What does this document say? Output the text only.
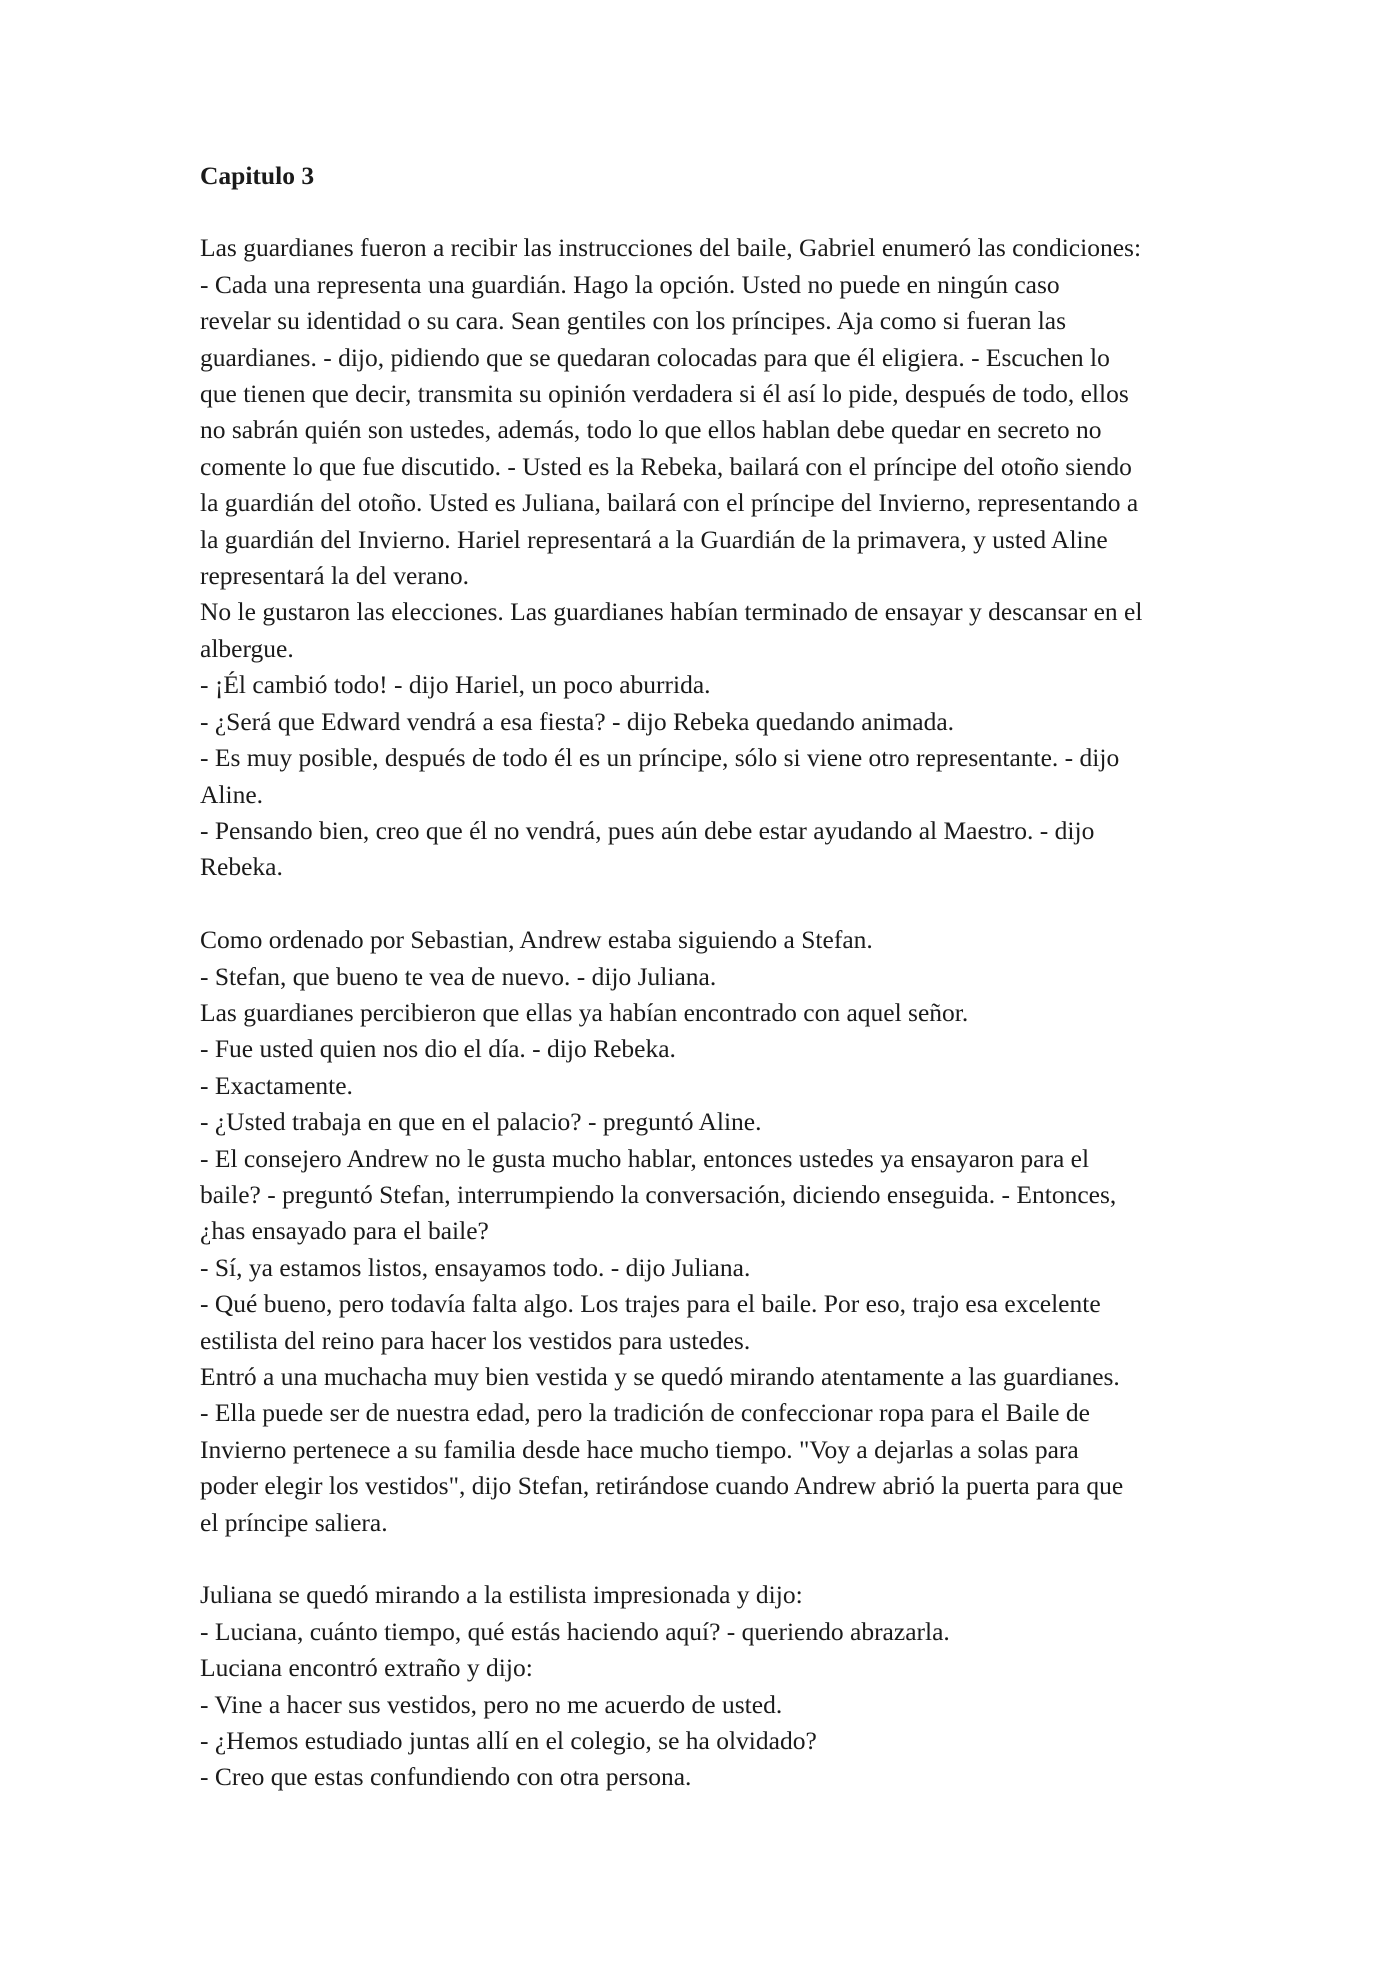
Capitulo 3
Las guardianes fueron a recibir las instrucciones del baile, Gabriel enumeró las condiciones:
- Cada una representa una guardián. Hago la opción. Usted no puede en ningún caso
revelar su identidad o su cara. Sean gentiles con los príncipes. Aja como si fueran las
guardianes. - dijo, pidiendo que se quedaran colocadas para que él eligiera. - Escuchen lo
que tienen que decir, transmita su opinión verdadera si él así lo pide, después de todo, ellos
no sabrán quién son ustedes, además, todo lo que ellos hablan debe quedar en secreto no
comente lo que fue discutido. - Usted es la Rebeka, bailará con el príncipe del otoño siendo
la guardián del otoño. Usted es Juliana, bailará con el príncipe del Invierno, representando a
la guardián del Invierno. Hariel representará a la Guardián de la primavera, y usted Aline
representará la del verano.
No le gustaron las elecciones. Las guardianes habían terminado de ensayar y descansar en el
albergue.
- ¡Él cambió todo! - dijo Hariel, un poco aburrida.
- ¿Será que Edward vendrá a esa fiesta? - dijo Rebeka quedando animada.
- Es muy posible, después de todo él es un príncipe, sólo si viene otro representante. - dijo
Aline.
- Pensando bien, creo que él no vendrá, pues aún debe estar ayudando al Maestro. - dijo
Rebeka.
Como ordenado por Sebastian, Andrew estaba siguiendo a Stefan.
- Stefan, que bueno te vea de nuevo. - dijo Juliana.
Las guardianes percibieron que ellas ya habían encontrado con aquel señor.
- Fue usted quien nos dio el día. - dijo Rebeka.
- Exactamente.
- ¿Usted trabaja en que en el palacio? - preguntó Aline.
- El consejero Andrew no le gusta mucho hablar, entonces ustedes ya ensayaron para el
baile? - preguntó Stefan, interrumpiendo la conversación, diciendo enseguida. - Entonces,
¿has ensayado para el baile?
- Sí, ya estamos listos, ensayamos todo. - dijo Juliana.
- Qué bueno, pero todavía falta algo. Los trajes para el baile. Por eso, trajo esa excelente
estilista del reino para hacer los vestidos para ustedes.
Entró a una muchacha muy bien vestida y se quedó mirando atentamente a las guardianes.
- Ella puede ser de nuestra edad, pero la tradición de confeccionar ropa para el Baile de
Invierno pertenece a su familia desde hace mucho tiempo. "Voy a dejarlas a solas para
poder elegir los vestidos", dijo Stefan, retirándose cuando Andrew abrió la puerta para que
el príncipe saliera.
Juliana se quedó mirando a la estilista impresionada y dijo:
- Luciana, cuánto tiempo, qué estás haciendo aquí? - queriendo abrazarla.
Luciana encontró extraño y dijo:
- Vine a hacer sus vestidos, pero no me acuerdo de usted.
- ¿Hemos estudiado juntas allí en el colegio, se ha olvidado?
- Creo que estas confundiendo con otra persona.
